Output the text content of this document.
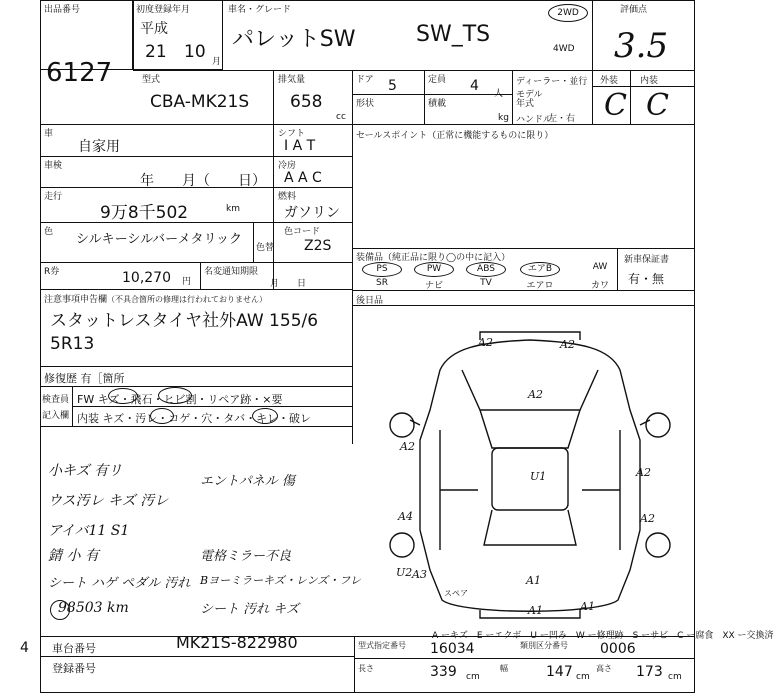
出品番号
6127
初度登録年月
平成
21 10 月
車名・グレード
パレットSW	SW_TS
2WD
4WD
評価点
3.5
外装 内装
C C
型式
CBA-MK21S
排気量
658
cc
ドア 5
形状
定員 4 人
積載
kg
ディーラー・並行
モデル年式
ハンドル
左・右
車
自家用
シフト
I A T
車検
年　　月（　　日）
冷房
A A C
走行
9万8千502	km
燃料
ガソリン
色 シルキーシルバーメタリック
色替
色コード
Z2S
R券	10,270 円
名変通知期限
月　　日
注意事項申告欄（不具合箇所の修理は行われておりません）
スタットレスタイヤ社外AW 155/6
5R13
修復歴 有［箇所
検査員
記入欄
FW キズ・飛石・ヒビ割・リペア跡・×要
内装 キズ・汚レ・コゲ・穴・タバ・キレ・破レ
セールスポイント（正常に機能するものに限り）
装備品（純正品に限り◯の中に記入）	新車保証書
有・無
PS	PW	ABS	エアB	AW
SR	ナビ	TV	エアロ	カワ
後日品
小キズ 有リ
ウス汚レ キズ 汚レ
アイバ11 S1
錆 小 有
シート ハゲ ペダル 汚れ
98503 km
エントパネル 傷
電格ミラー不良
Bヨーミラーキズ・レンズ・フレ
シート 汚れ キズ
A2	A2
A2
U1
A2
A2
A4	A2
U2 A3	A1
A1	A1
A ーキズ　E ーエクボ　U ー凹み　W ー修理跡　S ーサビ　C ー腐食　XX ー交換済
スペア
4 車台番号	MK21S-822980
登録番号
型式指定番号 16034	類別区分番号 0006
長さ	339 cm
幅	147 cm
高さ 173 cm
